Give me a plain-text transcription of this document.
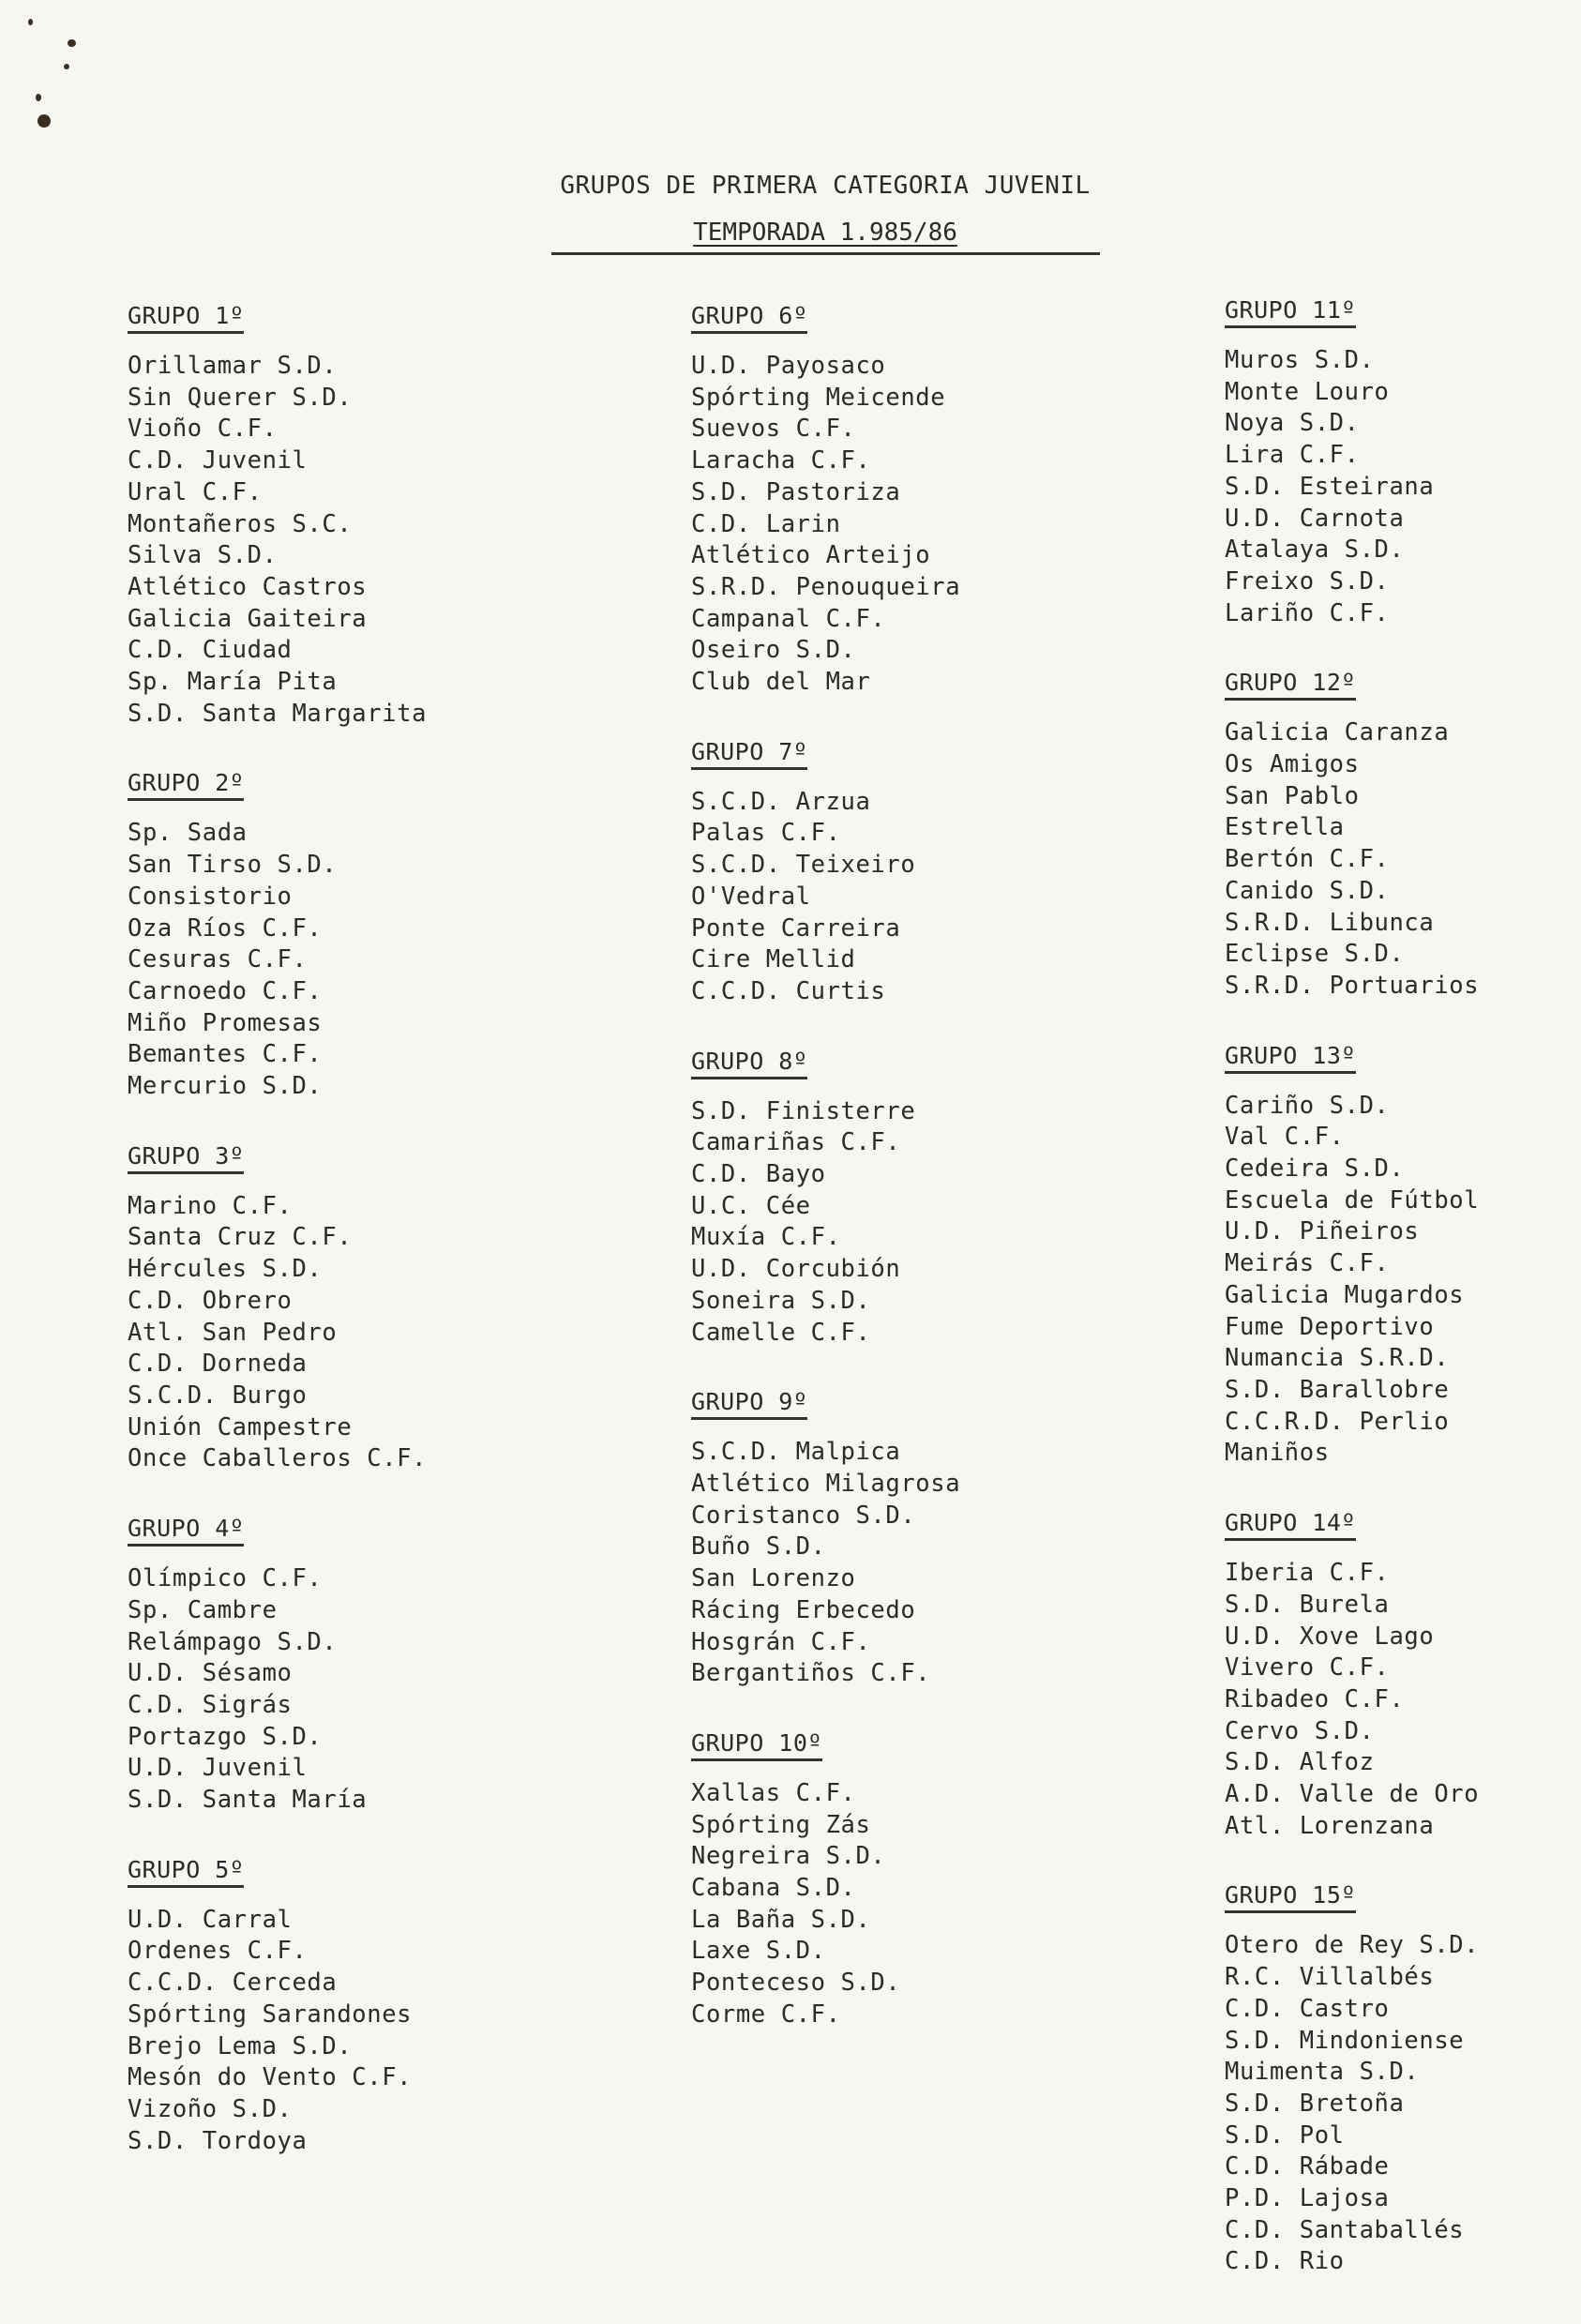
GRUPOS DE PRIMERA CATEGORIA JUVENIL
TEMPORADA 1.985/86
GRUPO 1º
Orillamar S.D.
Sin Querer S.D.
Vioño C.F.
C.D. Juvenil
Ural C.F.
Montañeros S.C.
Silva S.D.
Atlético Castros
Galicia Gaiteira
C.D. Ciudad
Sp. María Pita
S.D. Santa Margarita
GRUPO 2º
Sp. Sada
San Tirso S.D.
Consistorio
Oza Ríos C.F.
Cesuras C.F.
Carnoedo C.F.
Miño Promesas
Bemantes C.F.
Mercurio S.D.
GRUPO 3º
Marino C.F.
Santa Cruz C.F.
Hércules S.D.
C.D. Obrero
Atl. San Pedro
C.D. Dorneda
S.C.D. Burgo
Unión Campestre
Once Caballeros C.F.
GRUPO 4º
Olímpico C.F.
Sp. Cambre
Relámpago S.D.
U.D. Sésamo
C.D. Sigrás
Portazgo S.D.
U.D. Juvenil
S.D. Santa María
GRUPO 5º
U.D. Carral
Ordenes C.F.
C.C.D. Cerceda
Spórting Sarandones
Brejo Lema S.D.
Mesón do Vento C.F.
Vizoño S.D.
S.D. Tordoya
GRUPO 6º
U.D. Payosaco
Spórting Meicende
Suevos C.F.
Laracha C.F.
S.D. Pastoriza
C.D. Larin
Atlético Arteijo
S.R.D. Penouqueira
Campanal C.F.
Oseiro S.D.
Club del Mar
GRUPO 7º
S.C.D. Arzua
Palas C.F.
S.C.D. Teixeiro
O'Vedral
Ponte Carreira
Cire Mellid
C.C.D. Curtis
GRUPO 8º
S.D. Finisterre
Camariñas C.F.
C.D. Bayo
U.C. Cée
Muxía C.F.
U.D. Corcubión
Soneira S.D.
Camelle C.F.
GRUPO 9º
S.C.D. Malpica
Atlético Milagrosa
Coristanco S.D.
Buño S.D.
San Lorenzo
Rácing Erbecedo
Hosgrán C.F.
Bergantiños C.F.
GRUPO 10º
Xallas C.F.
Spórting Zás
Negreira S.D.
Cabana S.D.
La Baña S.D.
Laxe S.D.
Ponteceso S.D.
Corme C.F.
GRUPO 11º
Muros S.D.
Monte Louro
Noya S.D.
Lira C.F.
S.D. Esteirana
U.D. Carnota
Atalaya S.D.
Freixo S.D.
Lariño C.F.
GRUPO 12º
Galicia Caranza
Os Amigos
San Pablo
Estrella
Bertón C.F.
Canido S.D.
S.R.D. Libunca
Eclipse S.D.
S.R.D. Portuarios
GRUPO 13º
Cariño S.D.
Val C.F.
Cedeira S.D.
Escuela de Fútbol
U.D. Piñeiros
Meirás C.F.
Galicia Mugardos
Fume Deportivo
Numancia S.R.D.
S.D. Barallobre
C.C.R.D. Perlio
Maniños
GRUPO 14º
Iberia C.F.
S.D. Burela
U.D. Xove Lago
Vivero C.F.
Ribadeo C.F.
Cervo S.D.
S.D. Alfoz
A.D. Valle de Oro
Atl. Lorenzana
GRUPO 15º
Otero de Rey S.D.
R.C. Villalbés
C.D. Castro
S.D. Mindoniense
Muimenta S.D.
S.D. Bretoña
S.D. Pol
C.D. Rábade
P.D. Lajosa
C.D. Santaballés
C.D. Rio
